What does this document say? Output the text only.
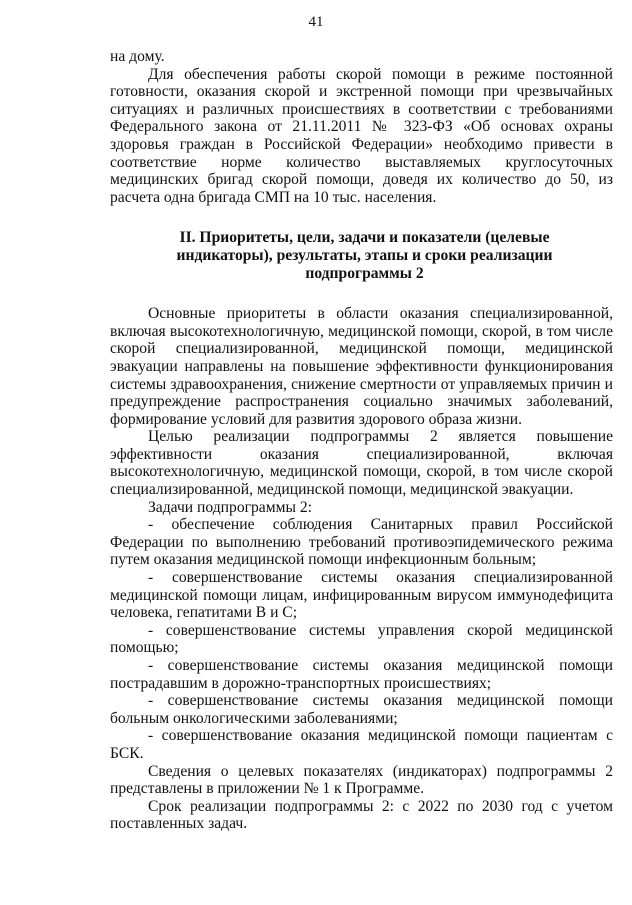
41

на дому.

Для обеспечения работы скорой помощи в режиме постоянной готовности, оказания скорой и экстренной помощи при чрезвычайных ситуациях и различных происшествиях в соответствии с требованиями Федерального закона от 21.11.2011 № 323-ФЗ «Об основах охраны здоровья граждан в Российской Федерации» необходимо привести в соответствие норме количество выставляемых круглосуточных медицинских бригад скорой помощи, доведя их количество до 50, из расчета одна бригада СМП на 10 тыс. населения.

II. Приоритеты, цели, задачи и показатели (целевые индикаторы), результаты, этапы и сроки реализации подпрограммы 2

Основные приоритеты в области оказания специализированной, включая высокотехнологичную, медицинской помощи, скорой, в том числе скорой специализированной, медицинской помощи, медицинской эвакуации направлены на повышение эффективности функционирования системы здравоохранения, снижение смертности от управляемых причин и предупреждение распространения социально значимых заболеваний, формирование условий для развития здорового образа жизни.

Целью реализации подпрограммы 2 является повышение эффективности оказания специализированной, включая высокотехнологичную, медицинской помощи, скорой, в том числе скорой специализированной, медицинской помощи, медицинской эвакуации.

Задачи подпрограммы 2:

- обеспечение соблюдения Санитарных правил Российской Федерации по выполнению требований противоэпидемического режима путем оказания медицинской помощи инфекционным больным;

- совершенствование системы оказания специализированной медицинской помощи лицам, инфицированным вирусом иммунодефицита человека, гепатитами В и С;

- совершенствование системы управления скорой медицинской помощью;

- совершенствование системы оказания медицинской помощи пострадавшим в дорожно-транспортных происшествиях;

- совершенствование системы оказания медицинской помощи больным онкологическими заболеваниями;

- совершенствование оказания медицинской помощи пациентам с БСК.

Сведения о целевых показателях (индикаторах) подпрограммы 2 представлены в приложении № 1 к Программе.

Срок реализации подпрограммы 2: с 2022 по 2030 год с учетом поставленных задач.
